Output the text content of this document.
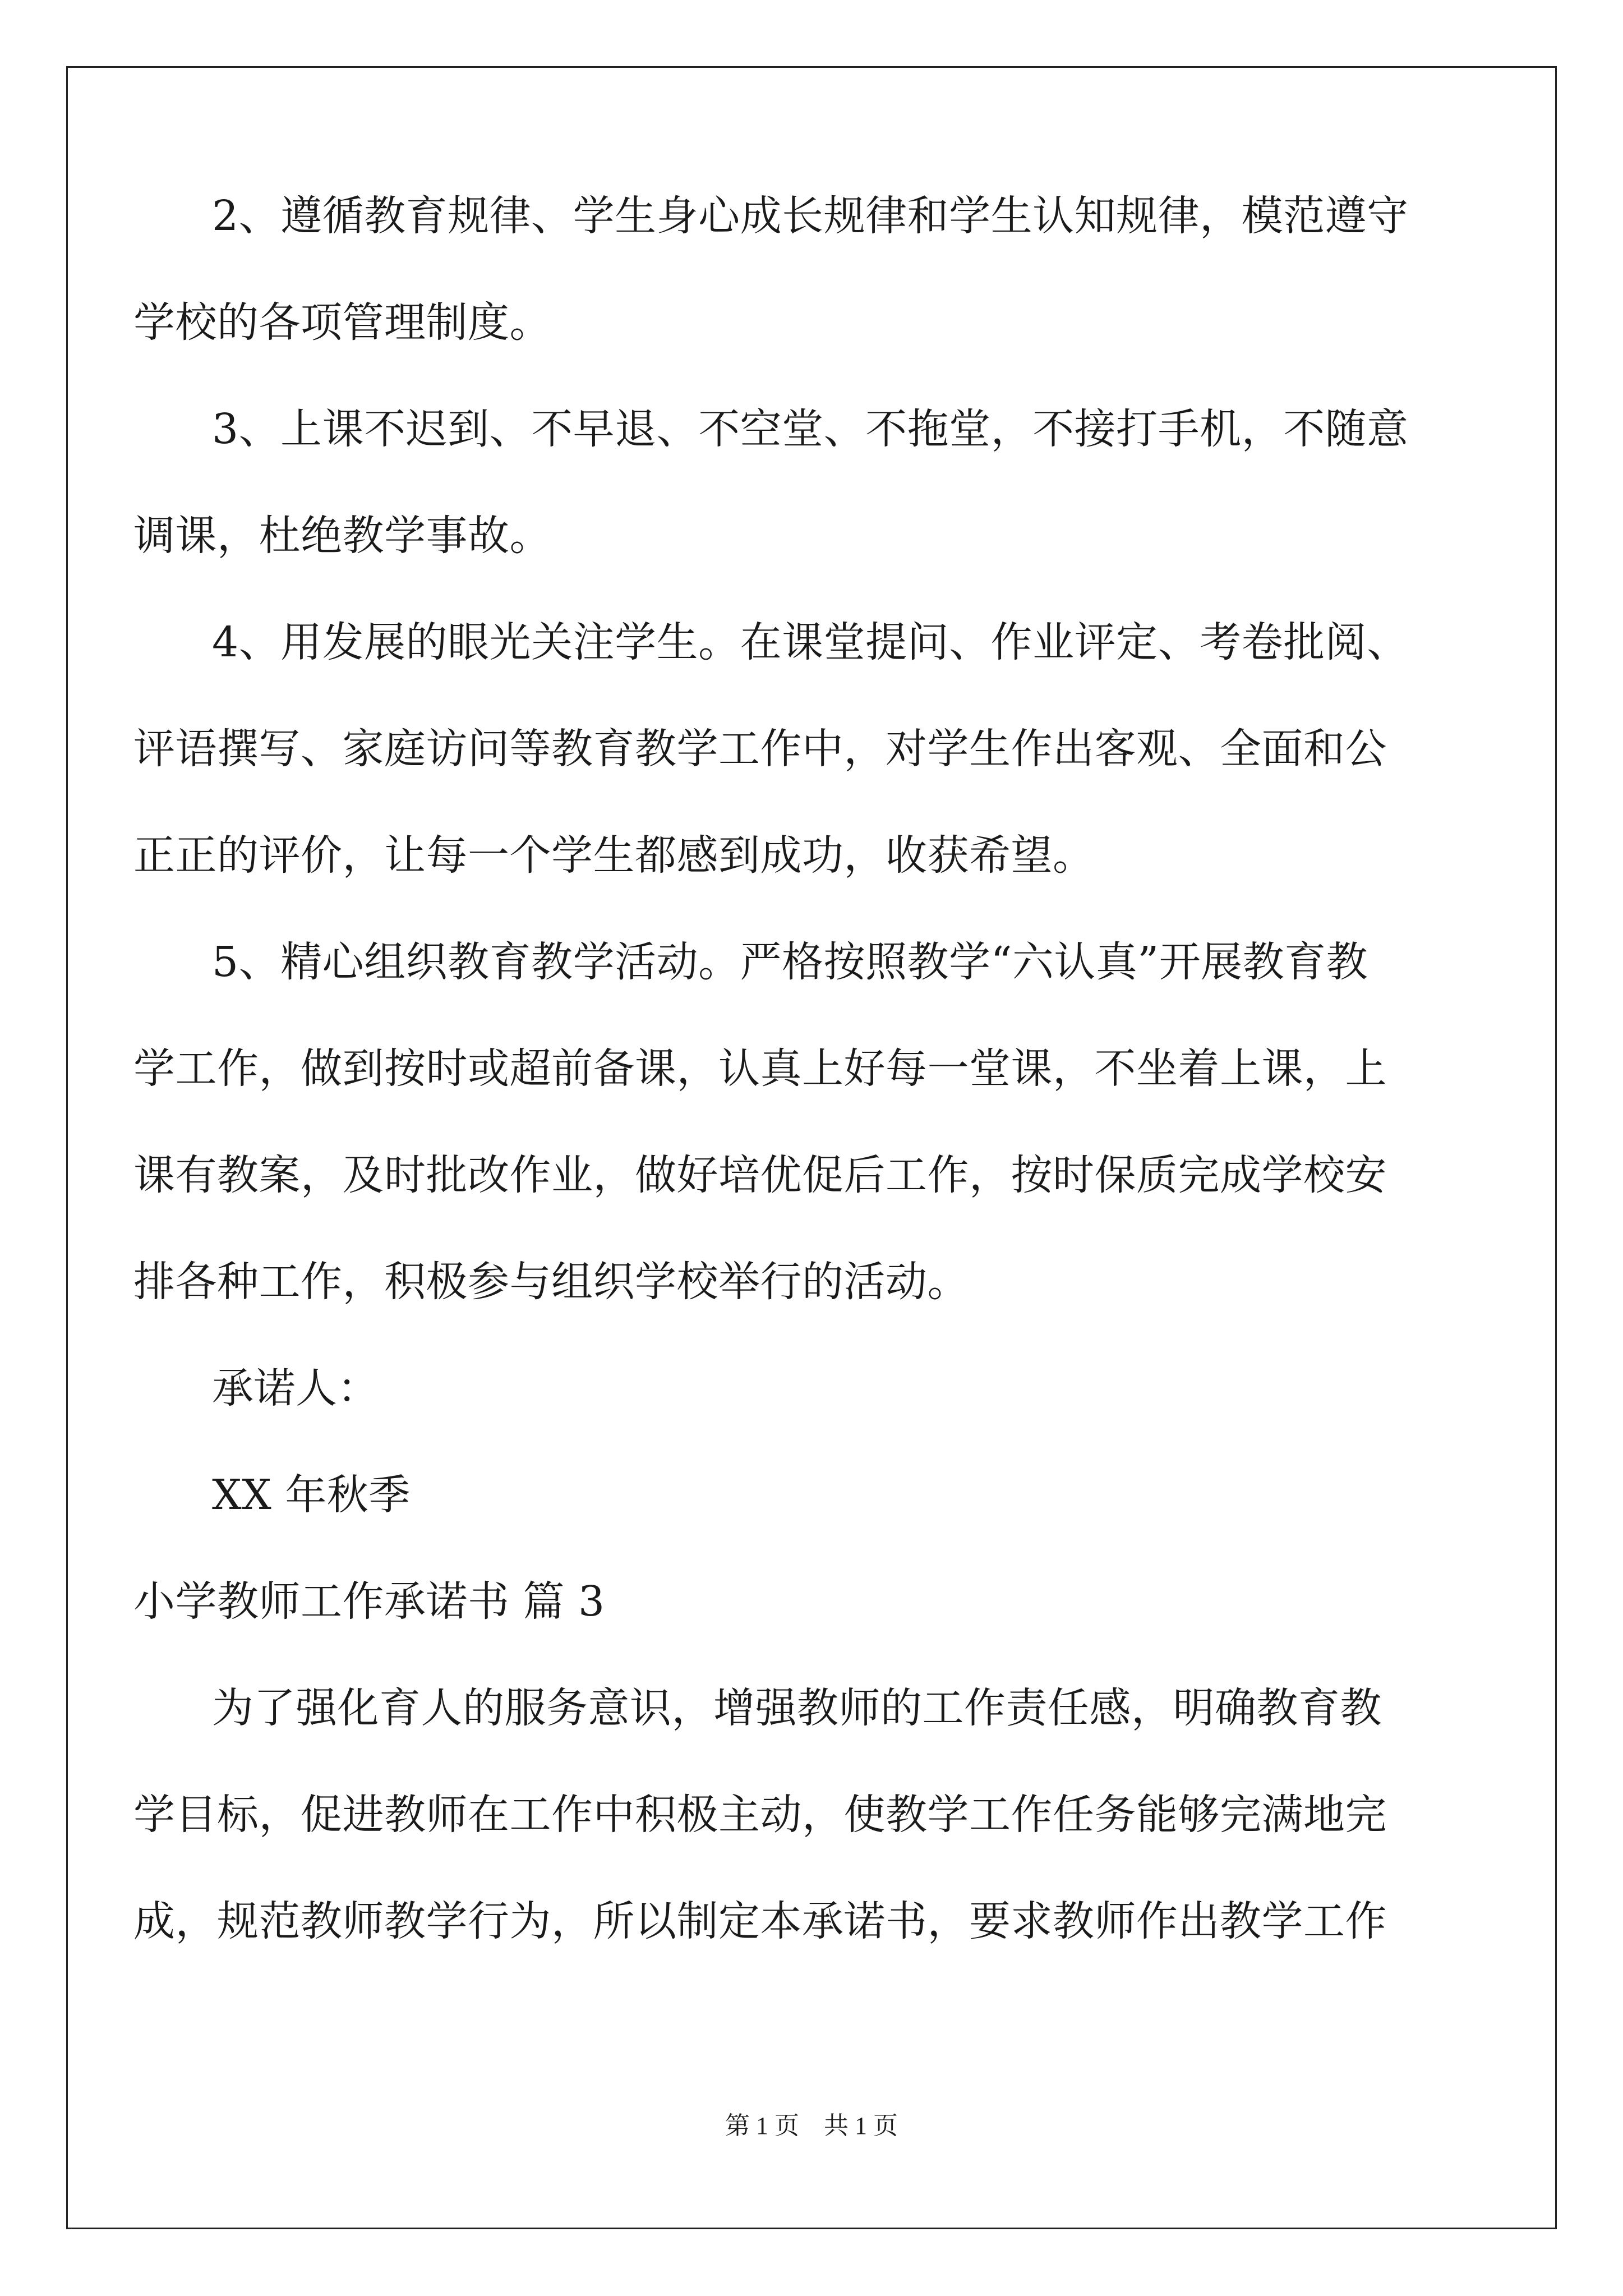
2、遵循教育规律、学生身心成长规律和学生认知规律，模范遵守
学校的各项管理制度。
3、上课不迟到、不早退、不空堂、不拖堂，不接打手机，不随意
调课，杜绝教学事故。
4、用发展的眼光关注学生。在课堂提问、作业评定、考卷批阅、
评语撰写、家庭访问等教育教学工作中，对学生作出客观、全面和公
正正的评价，让每一个学生都感到成功，收获希望。
5、精心组织教育教学活动。严格按照教学“六认真”开展教育教
学工作，做到按时或超前备课，认真上好每一堂课，不坐着上课，上
课有教案，及时批改作业，做好培优促后工作，按时保质完成学校安
排各种工作，积极参与组织学校举行的活动。
承诺人：
XX 年秋季
小学教师工作承诺书 篇 3
为了强化育人的服务意识，增强教师的工作责任感，明确教育教
学目标，促进教师在工作中积极主动，使教学工作任务能够完满地完
成，规范教师教学行为，所以制定本承诺书，要求教师作出教学工作
第 1 页    共 1 页
